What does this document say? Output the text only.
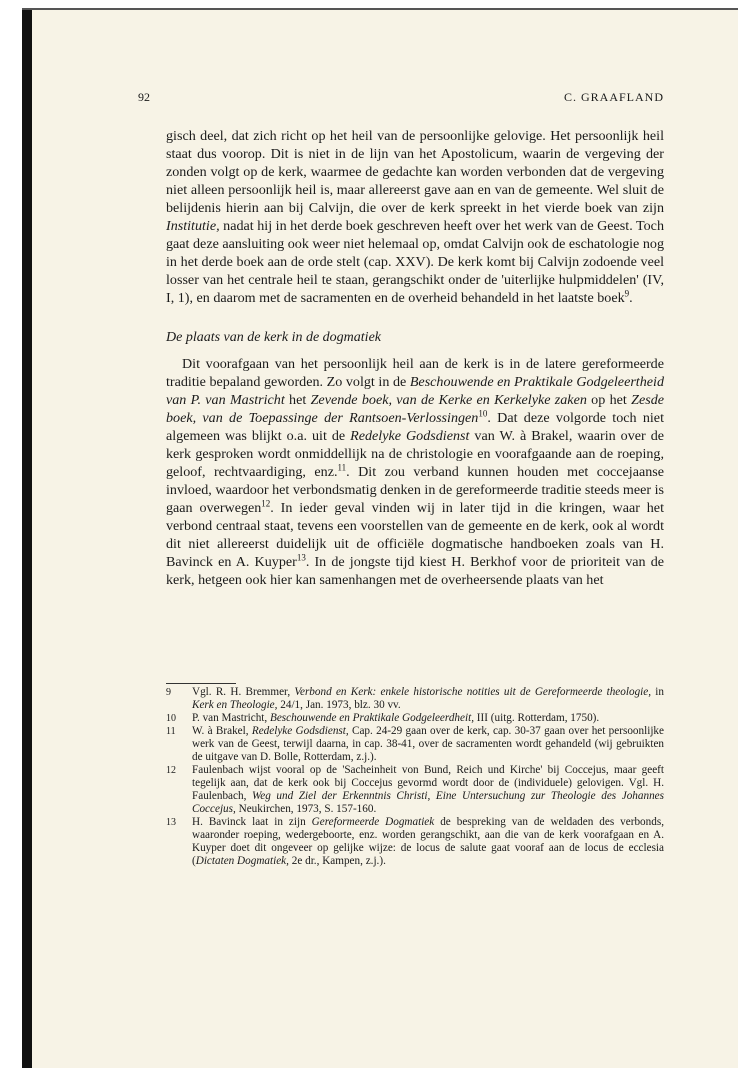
92	C. GRAAFLAND

gisch deel, dat zich richt op het heil van de persoonlijke gelovige. Het persoonlijk heil staat dus voorop. Dit is niet in de lijn van het Apostolicum, waarin de vergeving der zonden volgt op de kerk, waarmee de gedachte kan worden verbonden dat de vergeving niet alleen persoonlijk heil is, maar allereerst gave aan en van de gemeente. Wel sluit de belijdenis hierin aan bij Calvijn, die over de kerk spreekt in het vierde boek van zijn Institutie, nadat hij in het derde boek geschreven heeft over het werk van de Geest. Toch gaat deze aansluiting ook weer niet helemaal op, omdat Calvijn ook de eschatologie nog in het derde boek aan de orde stelt (cap. XXV). De kerk komt bij Calvijn zodoende veel losser van het centrale heil te staan, gerangschikt onder de 'uiterlijke hulpmiddelen' (IV, I, 1), en daarom met de sacramenten en de overheid behandeld in het laatste boek$^9$.

De plaats van de kerk in de dogmatiek

Dit voorafgaan van het persoonlijk heil aan de kerk is in de latere gereformeerde traditie bepaland geworden. Zo volgt in de Beschouwende en Praktikale Godgeleertheid van P. van Mastricht het Zevende boek, van de Kerke en Kerkelyke zaken op het Zesde boek, van de Toepassinge der Rantsoen-Verlossingen$^{10}$. Dat deze volgorde toch niet algemeen was blijkt o.a. uit de Redelyke Godsdienst van W. à Brakel, waarin over de kerk gesproken wordt onmiddellijk na de christologie en voorafgaande aan de roeping, geloof, rechtvaardiging, enz.$^{11}$. Dit zou verband kunnen houden met coccejaanse invloed, waardoor het verbondsmatig denken in de gereformeerde traditie steeds meer is gaan overwegen$^{12}$. In ieder geval vinden wij in later tijd in die kringen, waar het verbond centraal staat, tevens een voorstellen van de gemeente en de kerk, ook al wordt dit niet allereerst duidelijk uit de officiële dogmatische handboeken zoals van H. Bavinck en A. Kuyper$^{13}$. In de jongste tijd kiest H. Berkhof voor de prioriteit van de kerk, hetgeen ook hier kan samenhangen met de overheersende plaats van het

9 Vgl. R. H. Bremmer, Verbond en Kerk: enkele historische notities uit de Gereformeerde theologie, in Kerk en Theologie, 24/1, Jan. 1973, blz. 30 vv.

10 P. van Mastricht, Beschouwende en Praktikale Godgeleerdheit, III (uitg. Rotterdam, 1750).

11 W. à Brakel, Redelyke Godsdienst, Cap. 24-29 gaan over de kerk, cap. 30-37 gaan over het persoonlijke werk van de Geest, terwijl daarna, in cap. 38-41, over de sacramenten wordt gehandeld (wij gebruikten de uitgave van D. Bolle, Rotterdam, z.j.).

12 Faulenbach wijst vooral op de 'Sacheinheit von Bund, Reich und Kirche' bij Coccejus, maar geeft tegelijk aan, dat de kerk ook bij Coccejus gevormd wordt door de (individuele) gelovigen. Vgl. H. Faulenbach, Weg und Ziel der Erkenntnis Christi, Eine Untersuchung zur Theologie des Johannes Coccejus, Neukirchen, 1973, S. 157-160.

13 H. Bavinck laat in zijn Gereformeerde Dogmatiek de bespreking van de weldaden des verbonds, waaronder roeping, wedergeboorte, enz. worden gerangschikt, aan die van de kerk voorafgaan en A. Kuyper doet dit ongeveer op gelijke wijze: de locus de salute gaat vooraf aan de locus de ecclesia (Dictaten Dogmatiek, 2e dr., Kampen, z.j.).
